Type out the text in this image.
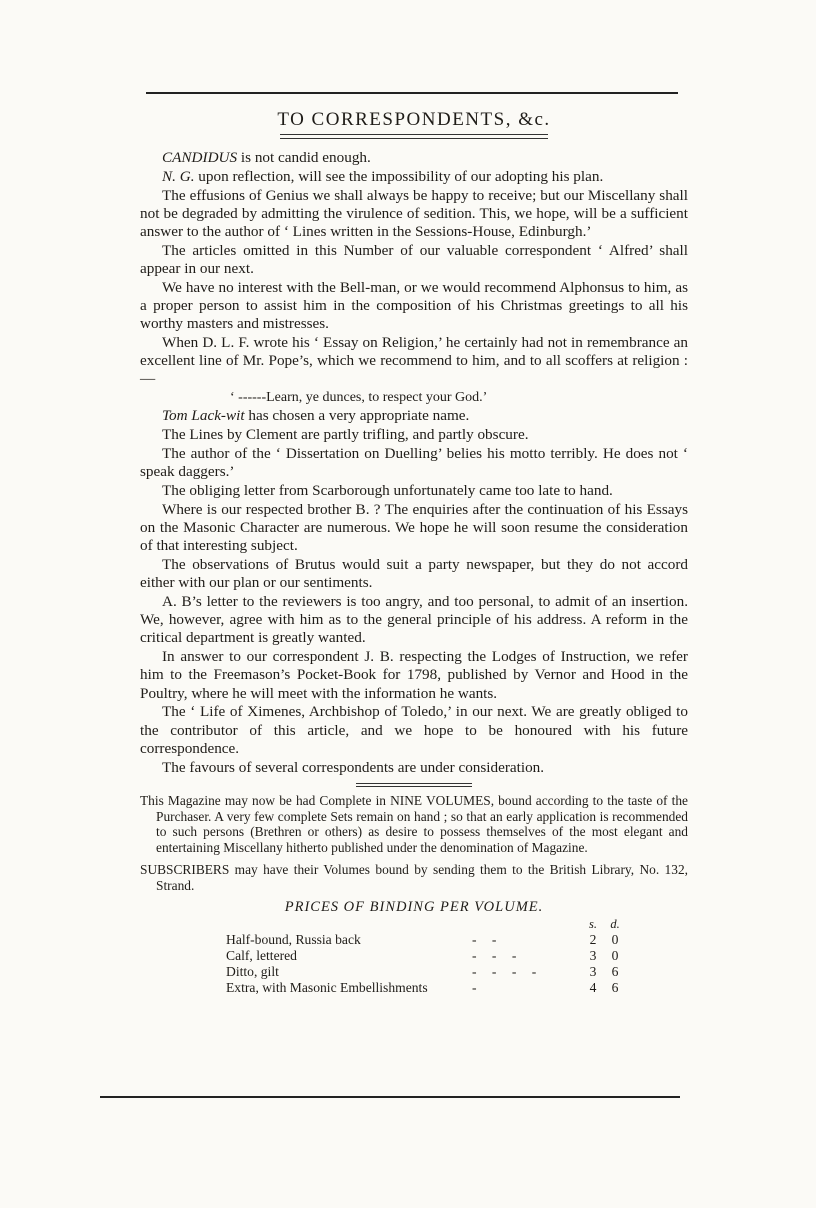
TO CORRESPONDENTS, &c.

CANDIDUS is not candid enough.

N. G. upon reflection, will see the impossibility of our adopting his plan.

The effusions of Genius we shall always be happy to receive; but our Miscellany shall not be degraded by admitting the virulence of sedition. This, we hope, will be a sufficient answer to the author of ‘ Lines written in the Sessions-House, Edinburgh.’

The articles omitted in this Number of our valuable correspondent ‘ Alfred’ shall appear in our next.

We have no interest with the Bell-man, or we would recommend Alphonsus to him, as a proper person to assist him in the composition of his Christmas greetings to all his worthy masters and mistresses.

When D. L. F. wrote his ‘ Essay on Religion,’ he certainly had not in remembrance an excellent line of Mr. Pope’s, which we recommend to him, and to all scoffers at religion :—

‘ ------Learn, ye dunces, to respect your God.’

Tom Lack-wit has chosen a very appropriate name.

The Lines by Clement are partly trifling, and partly obscure.

The author of the ‘ Dissertation on Duelling’ belies his motto terribly. He does not ‘ speak daggers.’

The obliging letter from Scarborough unfortunately came too late to hand.

Where is our respected brother B. ? The enquiries after the continuation of his Essays on the Masonic Character are numerous. We hope he will soon resume the consideration of that interesting subject.

The observations of Brutus would suit a party newspaper, but they do not accord either with our plan or our sentiments.

A. B’s letter to the reviewers is too angry, and too personal, to admit of an insertion. We, however, agree with him as to the general principle of his address. A reform in the critical department is greatly wanted.

In answer to our correspondent J. B. respecting the Lodges of Instruction, we refer him to the Freemason’s Pocket-Book for 1798, published by Vernor and Hood in the Poultry, where he will meet with the information he wants.

The ‘ Life of Ximenes, Archbishop of Toledo,’ in our next. We are greatly obliged to the contributor of this article, and we hope to be honoured with his future correspondence.

The favours of several correspondents are under consideration.

This Magazine may now be had Complete in NINE VOLUMES, bound according to the taste of the Purchaser. A very few complete Sets remain on hand ; so that an early application is recommended to such persons (Brethren or others) as desire to possess themselves of the most elegant and entertaining Miscellany hitherto published under the denomination of Magazine.

SUBSCRIBERS may have their Volumes bound by sending them to the British Library, No. 132, Strand.

PRICES OF BINDING PER VOLUME.
		s.	d.
Half-bound, Russia back	- -	2	0
Calf, lettered	- - -	3	0
Ditto, gilt	- - - -	3	6
Extra, with Masonic Embellishments	-	4	6
